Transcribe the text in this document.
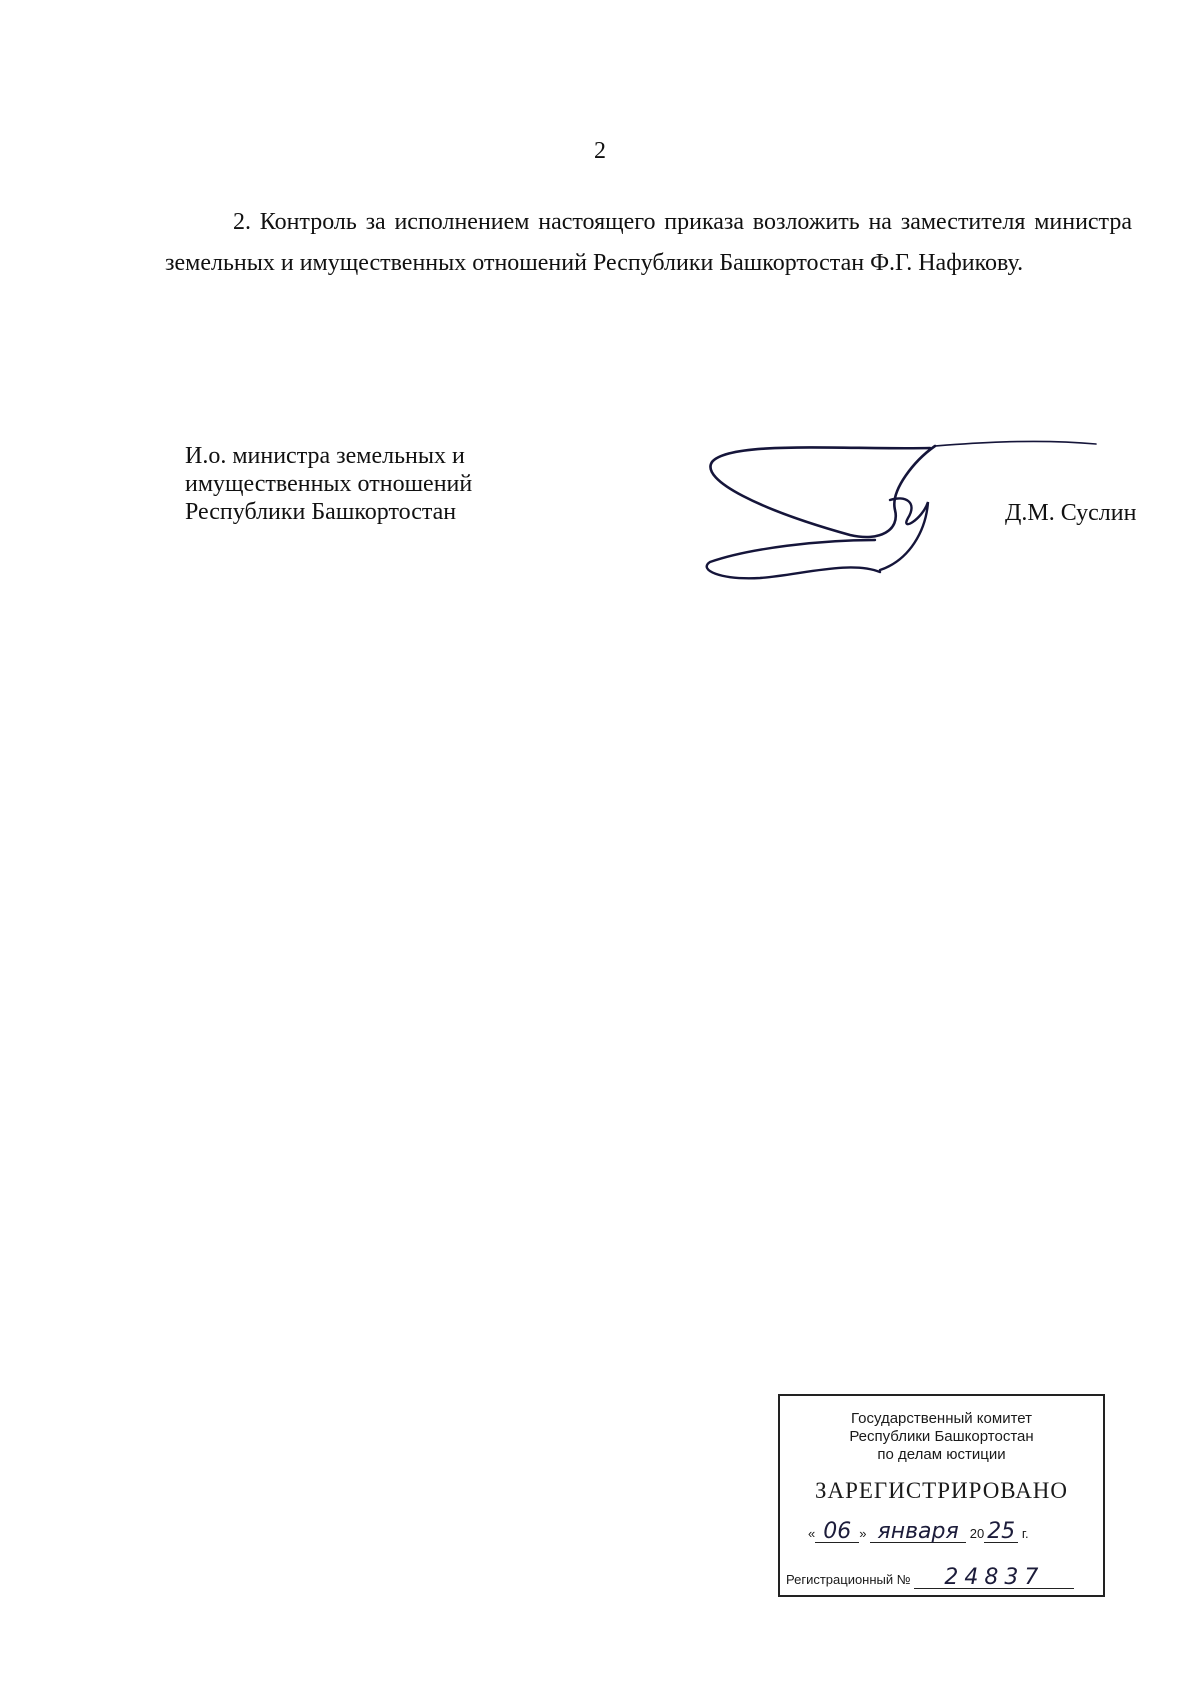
2
2. Контроль за исполнением настоящего приказа возложить на заместителя министра земельных и имущественных отношений Республики Башкортостан Ф.Г. Нафикову.
И.о. министра земельных и
имущественных отношений
Республики Башкортостан	Д.М. Суслин
Государственный комитет
Республики Башкортостан
по делам юстиции
ЗАРЕГИСТРИРОВАНО
« 06 » января 20 25 г.
Регистрационный № 24837
